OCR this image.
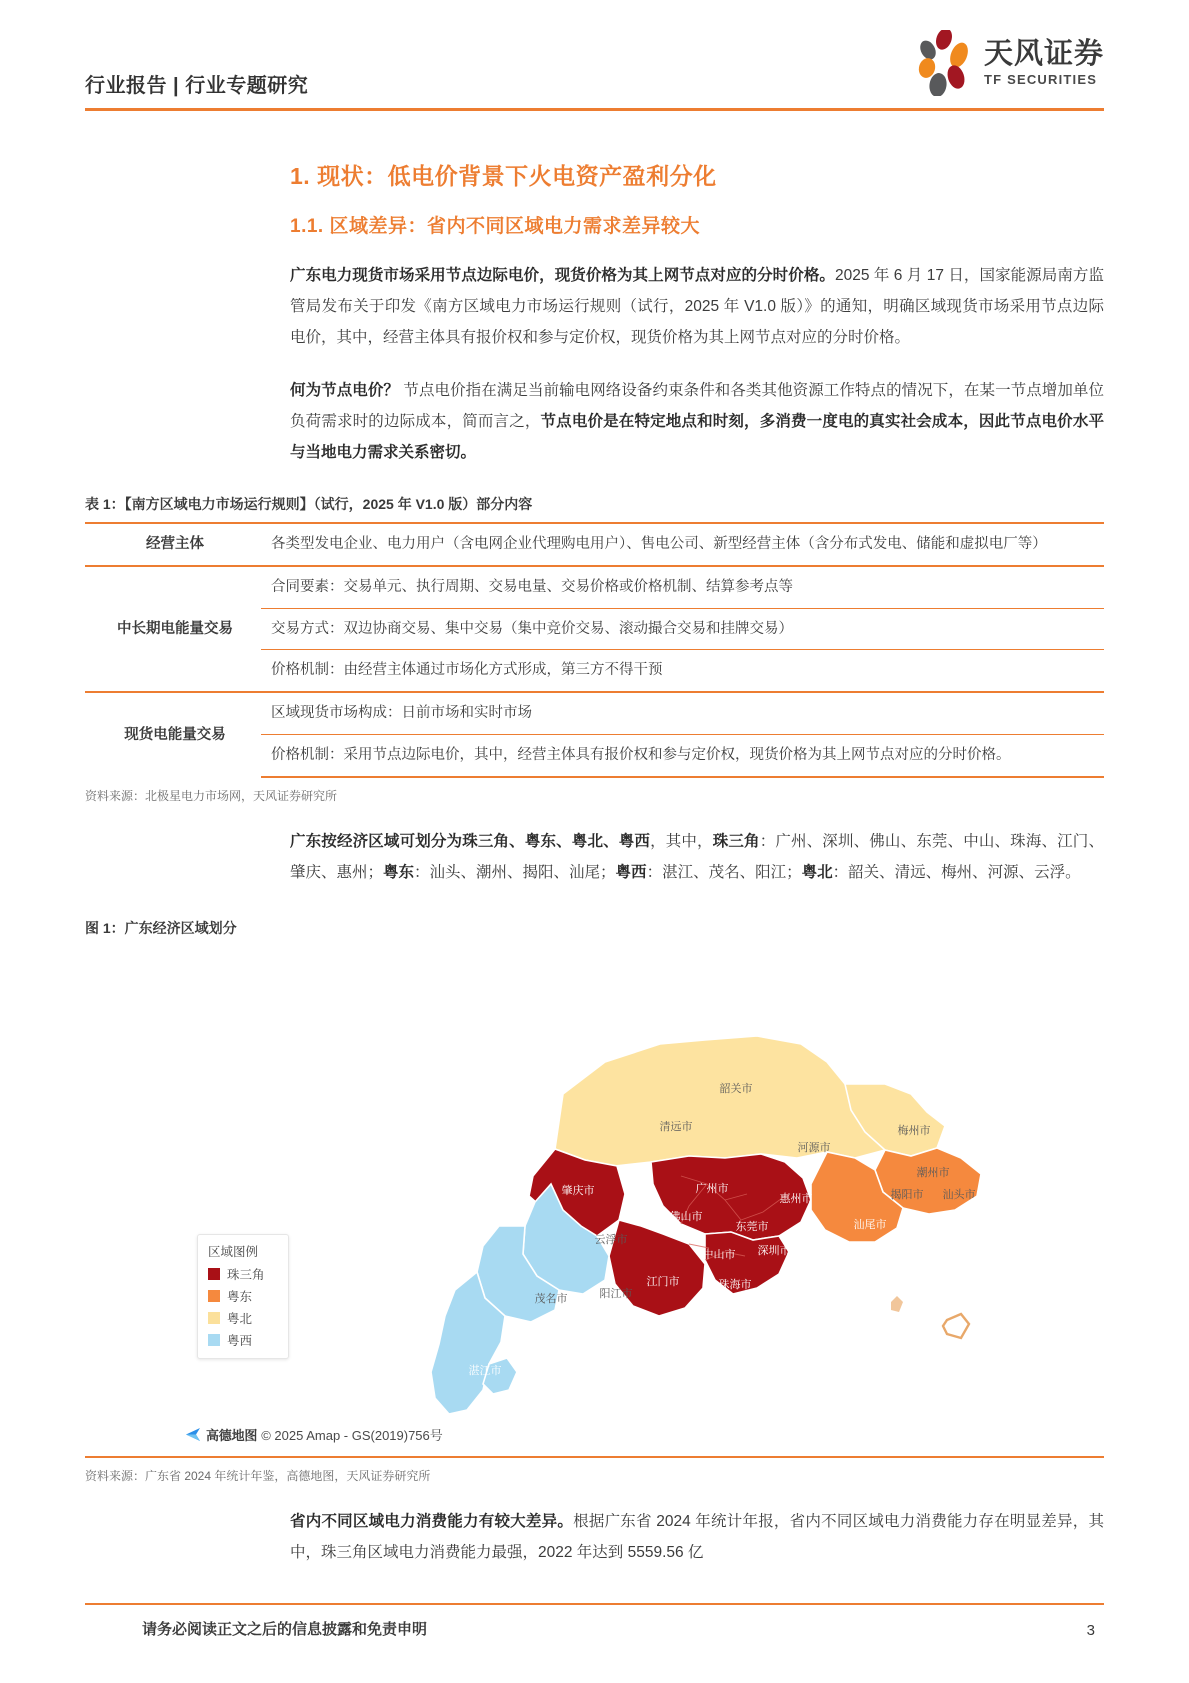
行业报告 | 行业专题研究
天风证券
TF SECURITIES
1. 现状：低电价背景下火电资产盈利分化
1.1. 区域差异：省内不同区域电力需求差异较大

广东电力现货市场采用节点边际电价，现货价格为其上网节点对应的分时价格。2025 年 6 月 17 日，国家能源局南方监管局发布关于印发《南方区域电力市场运行规则（试行，2025 年 V1.0 版）》的通知，明确区域现货市场采用节点边际电价，其中，经营主体具有报价权和参与定价权，现货价格为其上网节点对应的分时价格。

何为节点电价？ 节点电价指在满足当前输电网络设备约束条件和各类其他资源工作特点的情况下，在某一节点增加单位负荷需求时的边际成本，简而言之，节点电价是在特定地点和时刻，多消费一度电的真实社会成本，因此节点电价水平与当地电力需求关系密切。

表 1：【南方区域电力市场运行规则】（试行，2025 年 V1.0 版）部分内容
经营主体	各类型发电企业、电力用户（含电网企业代理购电用户）、售电公司、新型经营主体（含分布式发电、储能和虚拟电厂等）
中长期电能量交易	合同要素：交易单元、执行周期、交易电量、交易价格或价格机制、结算参考点等
	交易方式：双边协商交易、集中交易（集中竞价交易、滚动撮合交易和挂牌交易）
	价格机制：由经营主体通过市场化方式形成，第三方不得干预
现货电能量交易	区域现货市场构成：日前市场和实时市场
	价格机制：采用节点边际电价，其中，经营主体具有报价权和参与定价权，现货价格为其上网节点对应的分时价格。
资料来源：北极星电力市场网，天风证券研究所

广东按经济区域可划分为珠三角、粤东、粤北、粤西，其中，珠三角：广州、深圳、佛山、东莞、中山、珠海、江门、肇庆、惠州；粤东：汕头、潮州、揭阳、汕尾；粤西：湛江、茂名、阳江；粤北：韶关、清远、梅州、河源、云浮。

图 1：广东经济区域划分
韶关市
清远市
河源市
梅州市
肇庆市	广州市
惠州市
潮州市
揭阳市 汕头市
佛山市
东莞市	汕尾市
云浮市
中山市 深圳市
江门市	珠海市
茂名市	阳江市
湛江市
区域图例
珠三角
粤东
粤北
粤西
高德地图 © 2025 Amap - GS(2019)756号
资料来源：广东省 2024 年统计年鉴，高德地图，天风证券研究所

省内不同区域电力消费能力有较大差异。根据广东省 2024 年统计年报，省内不同区域电力消费能力存在明显差异，其中，珠三角区域电力消费能力最强，2022 年达到 5559.56 亿

请务必阅读正文之后的信息披露和免责申明	3
